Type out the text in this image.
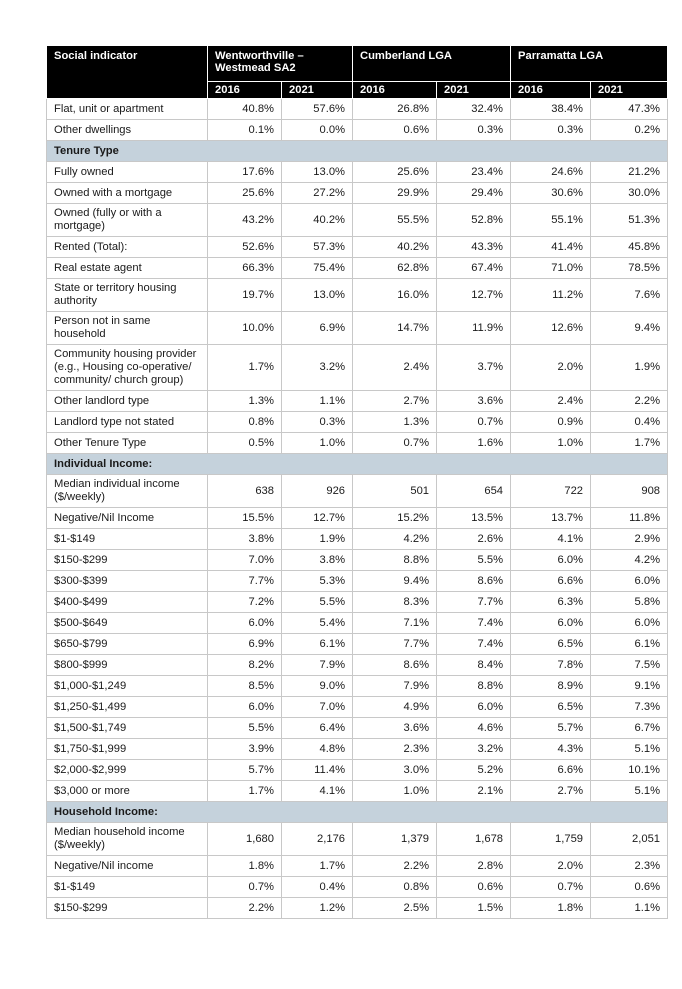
Social indicator	Wentworthville – Westmead SA2		Cumberland LGA		Parramatta LGA	
	2016	2021	2016	2021	2016	2021
Flat, unit or apartment	40.8%	57.6%	26.8%	32.4%	38.4%	47.3%
Other dwellings	0.1%	0.0%	0.6%	0.3%	0.3%	0.2%
Tenure Type						
Fully owned	17.6%	13.0%	25.6%	23.4%	24.6%	21.2%
Owned with a mortgage	25.6%	27.2%	29.9%	29.4%	30.6%	30.0%
Owned (fully or with a mortgage)	43.2%	40.2%	55.5%	52.8%	55.1%	51.3%
Rented (Total):	52.6%	57.3%	40.2%	43.3%	41.4%	45.8%
Real estate agent	66.3%	75.4%	62.8%	67.4%	71.0%	78.5%
State or territory housing authority	19.7%	13.0%	16.0%	12.7%	11.2%	7.6%
Person not in same household	10.0%	6.9%	14.7%	11.9%	12.6%	9.4%
Community housing provider (e.g., Housing co-operative/ community/ church group)	1.7%	3.2%	2.4%	3.7%	2.0%	1.9%
Other landlord type	1.3%	1.1%	2.7%	3.6%	2.4%	2.2%
Landlord type not stated	0.8%	0.3%	1.3%	0.7%	0.9%	0.4%
Other Tenure Type	0.5%	1.0%	0.7%	1.6%	1.0%	1.7%
Individual Income:						
Median individual income ($/weekly)	638	926	501	654	722	908
Negative/Nil Income	15.5%	12.7%	15.2%	13.5%	13.7%	11.8%
$1-$149	3.8%	1.9%	4.2%	2.6%	4.1%	2.9%
$150-$299	7.0%	3.8%	8.8%	5.5%	6.0%	4.2%
$300-$399	7.7%	5.3%	9.4%	8.6%	6.6%	6.0%
$400-$499	7.2%	5.5%	8.3%	7.7%	6.3%	5.8%
$500-$649	6.0%	5.4%	7.1%	7.4%	6.0%	6.0%
$650-$799	6.9%	6.1%	7.7%	7.4%	6.5%	6.1%
$800-$999	8.2%	7.9%	8.6%	8.4%	7.8%	7.5%
$1,000-$1,249	8.5%	9.0%	7.9%	8.8%	8.9%	9.1%
$1,250-$1,499	6.0%	7.0%	4.9%	6.0%	6.5%	7.3%
$1,500-$1,749	5.5%	6.4%	3.6%	4.6%	5.7%	6.7%
$1,750-$1,999	3.9%	4.8%	2.3%	3.2%	4.3%	5.1%
$2,000-$2,999	5.7%	11.4%	3.0%	5.2%	6.6%	10.1%
$3,000 or more	1.7%	4.1%	1.0%	2.1%	2.7%	5.1%
Household Income:						
Median household income ($/weekly)	1,680	2,176	1,379	1,678	1,759	2,051
Negative/Nil income	1.8%	1.7%	2.2%	2.8%	2.0%	2.3%
$1-$149	0.7%	0.4%	0.8%	0.6%	0.7%	0.6%
$150-$299	2.2%	1.2%	2.5%	1.5%	1.8%	1.1%
